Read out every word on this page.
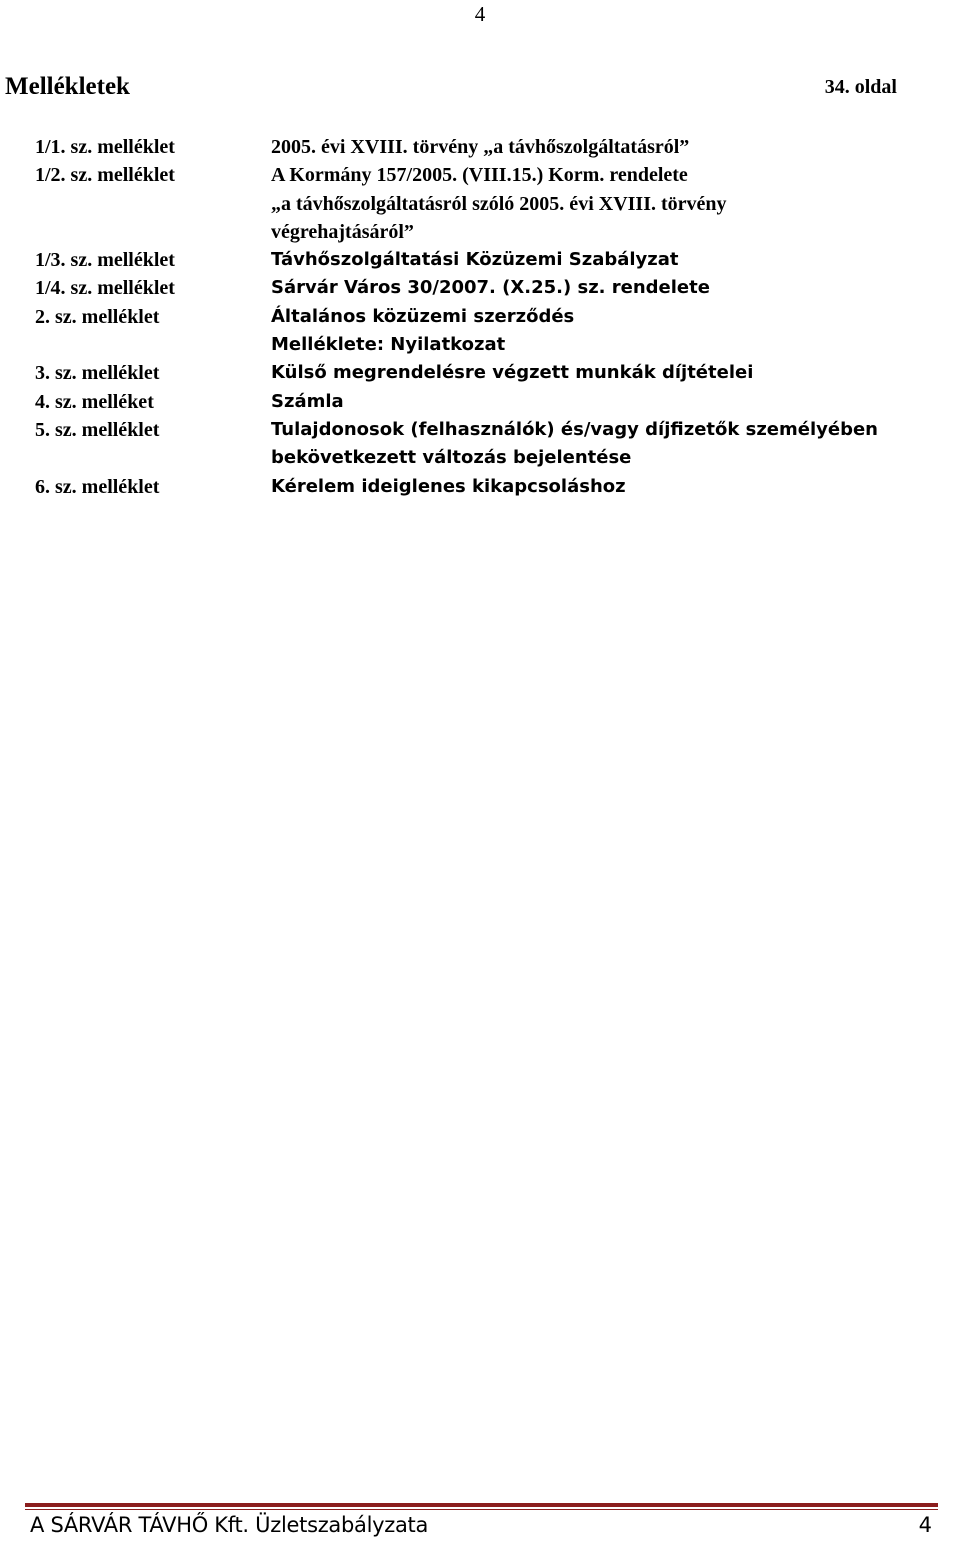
4
Mellékletek	34. oldal
1/1. sz. melléklet	2005. évi XVIII. törvény „a távhőszolgáltatásról”
1/2. sz. melléklet	A Kormány 157/2005. (VIII.15.) Korm. rendelete
„a távhőszolgáltatásról szóló 2005. évi XVIII. törvény
végrehajtásáról”
1/3. sz. melléklet	Távhőszolgáltatási Közüzemi Szabályzat
1/4. sz. melléklet	Sárvár Város 30/2007. (X.25.) sz. rendelete
2. sz. melléklet	Általános közüzemi szerződés
Melléklete: Nyilatkozat
3. sz. melléklet	Külső megrendelésre végzett munkák díjtételei
4. sz. melléket	Számla
5. sz. melléklet	Tulajdonosok (felhasználók) és/vagy díjfizetők személyében
bekövetkezett változás bejelentése
6. sz. melléklet	Kérelem ideiglenes kikapcsoláshoz
A SÁRVÁR TÁVHŐ Kft. Üzletszabályzata	4
